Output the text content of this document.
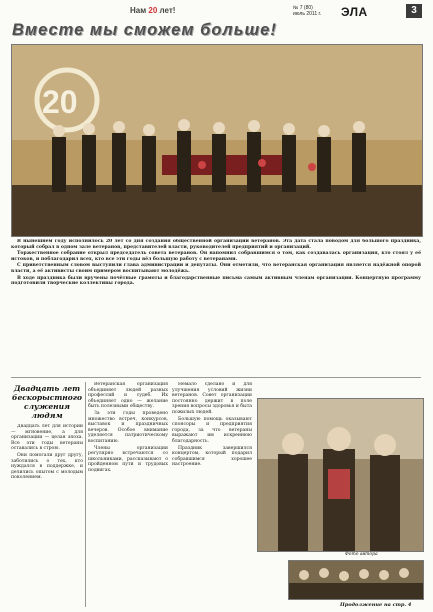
Нам 20 лет!	№ 7 (80)
июль 2011 г. ЭЛА	3
Вместе мы сможем больше!
20

В нынешнем году исполнилось 20 лет со дня создания общественной организации ветеранов. Эта дата стала поводом для большого праздника, который собрал в одном зале ветеранов, представителей власти, руководителей предприятий и организаций.

Торжественное собрание открыл председатель совета ветеранов. Он напомнил собравшимся о том, как создавалась организация, кто стоял у её истоков, и поблагодарил всех, кто все эти годы вёл большую работу с ветеранами.

С приветственным словом выступили глава администрации и депутаты. Они отметили, что ветеранская организация является надёжной опорой власти, а её активисты своим примером воспитывают молодёжь.

В ходе праздника были вручены почётные грамоты и благодарственные письма самым активным членам организации. Концертную программу подготовили творческие коллективы города.

Двадцать лет бескорыстного служения людям

Двадцать лет для истории — мгновение, а для организации — целая эпоха. Все эти годы ветераны оставались в строю.

Они помогали друг другу, заботились о тех, кто нуждался в поддержке, и делились опытом с молодым поколением.

Ветеранская организация объединяет людей разных профессий и судеб. Их объединяет одно — желание быть полезными обществу.

За эти годы проведено множество встреч, конкурсов, выставок и праздничных вечеров. Особое внимание уделяется патриотическому воспитанию.

Члены организации регулярно встречаются со школьниками, рассказывают о пройденном пути и трудовых подвигах.

Немало сделано и для улучшения условий жизни ветеранов. Совет организации постоянно держит в поле зрения вопросы здоровья и быта пожилых людей.

Большую помощь оказывают спонсоры и предприятия города, за что ветераны выражают им искреннюю благодарность.

Праздник завершился концертом, который подарил собравшимся хорошее настроение.

Фото автора
Продолжение на стр. 4
